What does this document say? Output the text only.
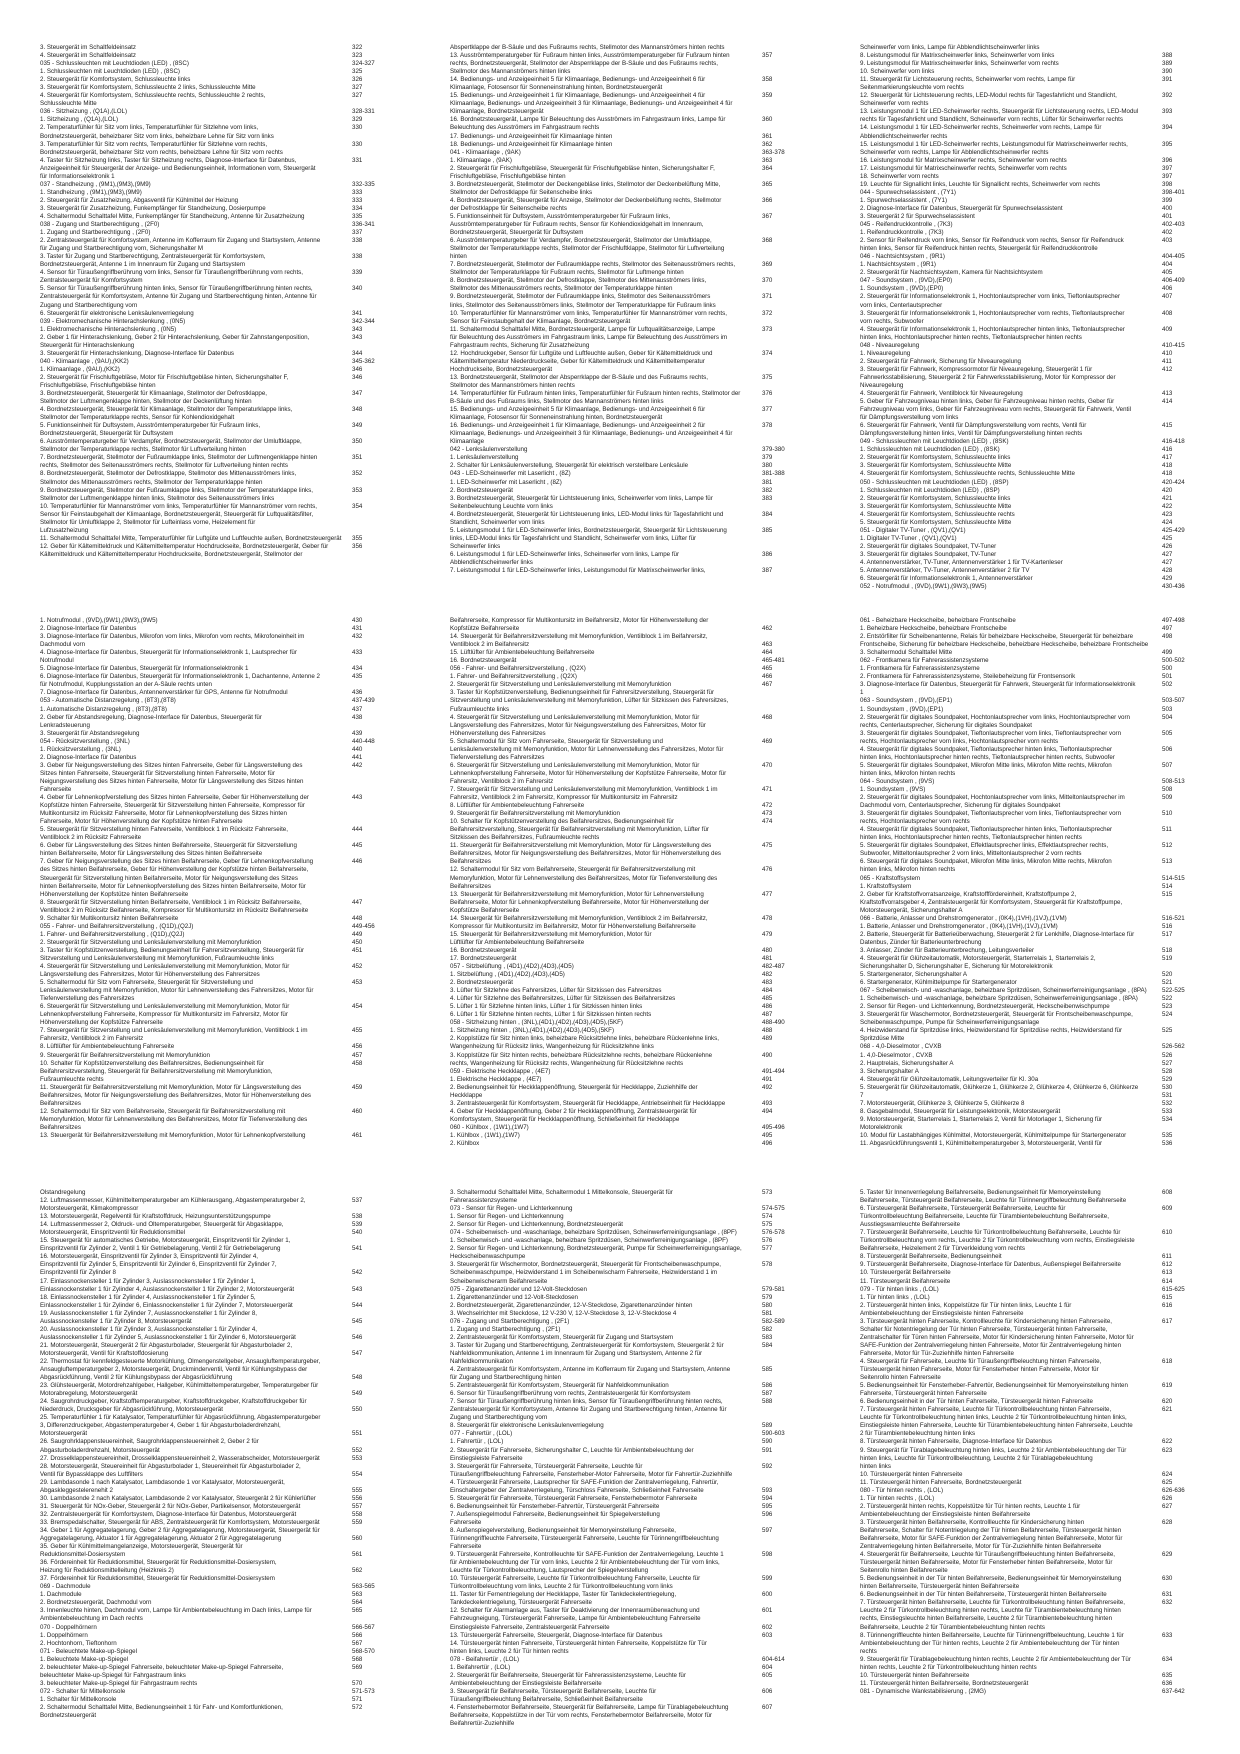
3. Steuergerät im Schaltfeldeinsatz	322
4. Steuergerät im Schaltfeldeinsatz	323
035 - Schlussleuchten mit Leuchtdioden (LED) , (8SC)	324-327
1. Schlussleuchten mit Leuchtdioden (LED) , (8SC)	325
2. Steuergerät für Komfortsystem, Schlussleuchte links	326
3. Steuergerät für Komfortsystem, Schlussleuchte 2 links, Schlussleuchte Mitte	327
4. Steuergerät für Komfortsystem, Schlussleuchte rechts, Schlussleuchte 2 rechts,	327
Schlussleuchte Mitte
036 - Sitzheizung , (Q1A),(LOL)	328-331
1. Sitzheizung , (Q1A),(LOL)	329
2. Temperaturfühler für Sitz vorn links, Temperaturfühler für Sitzlehne vorn links,	330
Bordnetzsteuergerät, beheizbarer Sitz vorn links, beheizbare Lehne für Sitz vorn links
3. Temperaturfühler für Sitz vorn rechts, Temperaturfühler für Sitzlehne vorn rechts,	330
Bordnetzsteuergerät, beheizbarer Sitz vorn rechts, beheizbare Lehne für Sitz vorn rechts
4. Taster für Sitzheizung links, Taster für Sitzheizung rechts, Diagnose-Interface für Datenbus,	331
Anzeigeeinheit für Steuergerät der Anzeige- und Bedienungseinheit, Informationen vorn, Steuergerät
für Informationselektronik 1
037 - Standheizung , (9M1),(9M3),(9M9)	332-335
1. Standheizung , (9M1),(9M3),(9M9)	333
2. Steuergerät für Zusatzheizung, Abgasventil für Kühlmittel der Heizung	333
3. Steuergerät für Zusatzheizung, Funkempfänger für Standheizung, Dosierpumpe	334
4. Schaltermodul Schalttafel Mitte, Funkempfänger für Standheizung, Antenne für Zusatzheizung	335
038 - Zugang und Startberechtigung , (2F0)	336-341
1. Zugang und Startberechtigung , (2F0)	337
2. Zentralsteuergerät für Komfortsystem, Antenne im Kofferraum für Zugang und Startsystem, Antenne	338
für Zugang und Startberechtigung vorn, Sicherungshalter M
3. Taster für Zugang und Startberechtigung, Zentralsteuergerät für Komfortsystem,	338
Bordnetzsteuergerät, Antenne 1 im Innenraum für Zugang und Startsystem
4. Sensor für Türaußengriffberührung vorn links, Sensor für Türaußengriffberührung vorn rechts,	339
Zentralsteuergerät für Komfortsystem
5. Sensor für Türaußengriffberührung hinten links, Sensor für Türaußengriffberührung hinten rechts,	340
Zentralsteuergerät für Komfortsystem, Antenne für Zugang und Startberechtigung hinten, Antenne für
Zugang und Startberechtigung vorn
6. Steuergerät für elektronische Lenksäulenverriegelung	341
039 - Elektromechanische Hinterachslenkung , (0N5)	342-344
1. Elektromechanische Hinterachslenkung , (0N5)	343
2. Geber 1 für Hinterachslenkung, Geber 2 für Hinterachslenkung, Geber für Zahnstangenposition,	343
Steuergerät für Hinterachslenkung
3. Steuergerät für Hinterachslenkung, Diagnose-Interface für Datenbus	344
040 - Klimaanlage , (9AU),(KK2)	345-362
1. Klimaanlage , (9AU),(KK2)	346
2. Steuergerät für Frischluftgebläse, Motor für Frischluftgebläse hinten, Sicherungshalter F,	346
Frischluftgebläse, Frischluftgebläse hinten
3. Bordnetzsteuergerät, Steuergerät für Klimaanlage, Stellmotor der Defrostklappe,	347
Stellmotor der Luftmengenklappe hinten, Stellmotor der Deckenlüftung hinten
4. Bordnetzsteuergerät, Steuergerät für Klimaanlage, Stellmotor der Temperaturklappe links,	348
Stellmotor der Temperaturklappe rechts, Sensor für Kohlendioxidgehalt
5. Funktionseinheit für Duftsystem, Ausströmtemperaturgeber für Fußraum links,	349
Bordnetzsteuergerät, Steuergerät für Duftsystem
6. Ausströmtemperaturgeber für Verdampfer, Bordnetzsteuergerät, Stellmotor der Umluftklappe,	350
Stellmotor der Temperaturklappe rechts, Stellmotor für Luftverteilung hinten
7. Bordnetzsteuergerät, Stellmotor der Fußraumklappe links, Stellmotor der Luftmengenklappe hinten	351
rechts, Stellmotor des Seitenausströmers rechts, Stellmotor für Luftverteilung hinten rechts
8. Bordnetzsteuergerät, Stellmotor der Defrostklappe, Stellmotor des Mittenausströmers links,	352
Stellmotor des Mittenausströmers rechts, Stellmotor der Temperaturklappe hinten
9. Bordnetzsteuergerät, Stellmotor der Fußraumklappe links, Stellmotor der Temperaturklappe links,	353
Stellmotor der Luftmengenklappe hinten links, Stellmotor des Seitenausströmers links
10. Temperaturfühler für Mannanströmer vorn links, Temperaturfühler für Mannanströmer vorn rechts,	354
Sensor für Feinstaubgehalt der Klimaanlage, Bordnetzsteuergerät, Steuergerät für Luftqualitätsfilter,
Stellmotor für Umluftklappe 2, Stellmotor für Lufteinlass vorne, Heizelement für
Lufzusatzheizung
11. Schaltermodul Schalttafel Mitte, Temperaturfühler für Luftgüte und Luftfeuchte außen, Bordnetzsteuergerät	355
12. Geber für Kältemitteldruck und Kältemitteltemperatur Hochdruckseite, Bordnetzsteuergerät, Geber für	356
Kältemitteldruck und Kältemitteltemperatur Hochdruckseite, Bordnetzsteuergerät, Stellmotor der
Abspertklappe der B-Säule und des Fußraums rechts, Stellmotor des Mannanströmers hinten rechts
13. Ausströmtemperaturgeber für Fußraum hinten links, Ausströmtemperaturgeber für Fußraum hinten	357
rechts, Bordnetzsteuergerät, Stellmotor der Absperrklappe der B-Säule und des Fußraums rechts,
Stellmotor des Mannanströmers hinten links
14. Bedienungs- und Anzeigeeinheit 5 für Klimaanlage, Bedienungs- und Anzeigeeinheit 6 für	358
Klimaanlage, Fotosensor für Sonneneinstrahlung hinten, Bordnetzsteuergerät
15. Bedienungs- und Anzeigeeinheit 1 für Klimaanlage, Bedienungs- und Anzeigeeinheit 4 für	359
Klimaanlage, Bedienungs- und Anzeigeeinheit 3 für Klimaanlage, Bedienungs- und Anzeigeeinheit 4 für
Klimaanlage, Bordnetzsteuergerät
16. Bordnetzsteuergerät, Lampe für Beleuchtung des Ausströmers im Fahrgastraum links, Lampe für	360
Beleuchtung des Ausströmers im Fahrgastraum rechts
17. Bedienungs- und Anzeigeeinheit für Klimaanlage hinten	361
18. Bedienungs- und Anzeigeeinheit für Klimaanlage hinten	362
041 - Klimaanlage , (9AK)	363-378
1. Klimaanlage , (9AK)	363
2. Steuergerät für Frischluftgebläse, Steuergerät für Frischluftgebläse hinten, Sicherungshalter F,	364
Frischluftgebläse, Frischluftgebläse hinten
3. Bordnetzsteuergerät, Stellmotor der Deckengebläse links, Stellmotor der Deckenbelüftung Mitte,	365
Stellmotor der Defrostklappe für Seitenscheibe links
4. Bordnetzsteuergerät, Steuergerät für Anzeige, Stellmotor der Deckenbelüftung rechts, Stellmotor	366
der Defrostklappe für Seitenscheibe rechts
5. Funktionseinheit für Duftsystem, Ausströmtemperaturgeber für Fußraum links,	367
Ausströmtemperaturgeber für Fußraum rechts, Sensor für Kohlendioxidgehalt im Innenraum,
Bordnetzsteuergerät, Steuergerät für Duftsystem
6. Ausströmtemperaturgeber für Verdampfer, Bordnetzsteuergerät, Stellmotor der Umluftklappe,	368
Stellmotor der Temperaturklappe rechts, Stellmotor der Frischluftklappe, Stellmotor für Luftverteilung
hinten
7. Bordnetzsteuergerät, Stellmotor der Fußraumklappe rechts, Stellmotor des Seitenausströmers rechts,	369
Stellmotor der Temperaturklappe für Fußraum rechts, Stellmotor für Luftmenge hinten
8. Bordnetzsteuergerät, Stellmotor der Defrostklappe, Stellmotor des Mittenausströmers links,	370
Stellmotor des Mittenausströmers rechts, Stellmotor der Temperaturklappe hinten
9. Bordnetzsteuergerät, Stellmotor der Fußraumklappe links, Stellmotor des Seitenausströmers	371
links, Stellmotor des Seitenausströmers links, Stellmotor der Temperaturklappe für Fußraum links
10. Temperaturfühler für Mannanströmer vorn links, Temperaturfühler für Mannanströmer vorn rechts,	372
Sensor für Feinstaubgehalt der Klimaanlage, Bordnetzsteuergerät
11. Schaltermodul Schalttafel Mitte, Bordnetzsteuergerät, Lampe für Luftqualitätsanzeige, Lampe	373
für Beleuchtung des Ausströmers im Fahrgastraum links, Lampe für Beleuchtung des Ausströmers im
Fahrgastraum rechts, Sicherung für Zusatzheizung
12. Hochdruckgeber, Sensor für Luftgüte und Luftfeuchte außen, Geber für Kältemitteldruck und	374
Kältemitteltemperatur Niederdruckseite, Geber für Kältemitteldruck und Kältemitteltemperatur
Hochdruckseite, Bordnetzsteuergerät
13. Bordnetzsteuergerät, Stellmotor der Absperrklappe der B-Säule und des Fußraums rechts,	375
Stellmotor des Mannanströmers hinten rechts
14. Temperaturfühler für Fußraum hinten links, Temperaturfühler für Fußraum hinten rechts, Stellmotor der	376
B-Säule und des Fußraums links, Stellmotor des Mannanströmers hinten links
15. Bedienungs- und Anzeigeeinheit 5 für Klimaanlage, Bedienungs- und Anzeigeeinheit 6 für	377
Klimaanlage, Fotosensor für Sonneneinstrahlung hinten, Bordnetzsteuergerät
16. Bedienungs- und Anzeigeeinheit 1 für Klimaanlage, Bedienungs- und Anzeigeeinheit 2 für	378
Klimaanlage, Bedienungs- und Anzeigeeinheit 3 für Klimaanlage, Bedienungs- und Anzeigeeinheit 4 für
Klimaanlage
042 - Lenksäulenverstellung	379-380
1. Lenksäulenverstellung	379
2. Schalter für Lenksäulenverstellung, Steuergerät für elektrisch verstellbare Lenksäule	380
043 - LED-Scheinwerfer mit Laserlicht , (8Z)	381-388
1. LED-Scheinwerfer mit Laserlicht , (8Z)	381
2. Bordnetzsteuergerät	382
3. Bordnetzsteuergerät, Steuergerät für Lichtsteuerung links, Scheinwerfer vorn links, Lampe für	383
Seitenbeleuchtung Leuchte vorn links
4. Bordnetzsteuergerät, Steuergerät für Lichtsteuerung links, LED-Modul links für Tagesfahrlicht und	384
Standlicht, Scheinwerfer vorn links
5. Leistungsmodul 1 für LED-Scheinwerfer links, Bordnetzsteuergerät, Steuergerät für Lichtsteuerung	385
links, LED-Modul links für Tagesfahrlicht und Standlicht, Scheinwerfer vorn links, Lüfter für
Scheinwerfer links
6. Leistungsmodul 1 für LED-Scheinwerfer links, Scheinwerfer vorn links, Lampe für	386
Abblendlichtscheinwerfer links
7. Leistungsmodul 1 für LED-Scheinwerfer links, Leistungsmodul für Matrixscheinwerfer links,	387
Scheinwerfer vorn links, Lampe für Abblendlichtscheinwerfer links
8. Leistungsmodul für Matrixscheinwerfer links, Scheinwerfer vorn links	388
9. Leistungsmodul für Matrixscheinwerfer links, Scheinwerfer vorn rechts	389
10. Scheinwerfer vorn links	390
11. Steuergerät für Lichtsteuerung rechts, Scheinwerfer vorn rechts, Lampe für	391
Seitenmarkierungsleuchte vorn rechts
12. Steuergerät für Lichtsteuerung rechts, LED-Modul rechts für Tagesfahrlicht und Standlicht,	392
Scheinwerfer vorn rechts
13. Leistungsmodul 1 für LED-Scheinwerfer rechts, Steuergerät für Lichtsteuerung rechts, LED-Modul	393
rechts für Tagesfahrlicht und Standlicht, Scheinwerfer vorn rechts, Lüfter für Scheinwerfer rechts
14. Leistungsmodul 1 für LED-Scheinwerfer rechts, Scheinwerfer vorn rechts, Lampe für	394
Abblendlichtscheinwerfer rechts
15. Leistungsmodul 1 für LED-Scheinwerfer rechts, Leistungsmodul für Matrixscheinwerfer rechts,	395
Scheinwerfer vorn rechts, Lampe für Abblendlichtscheinwerfer rechts
16. Leistungsmodul für Matrixscheinwerfer rechts, Scheinwerfer vorn rechts	396
17. Leistungsmodul für Matrixscheinwerfer rechts, Scheinwerfer vorn rechts	397
18. Scheinwerfer vorn rechts	397
19. Leuchte für Signallicht links, Leuchte für Signallicht rechts, Scheinwerfer vorn rechts	398
044 - Spurwechselassistent , (7Y1)	398-401
1. Spurwechselassistent , (7Y1)	399
2. Diagnose-Interface für Datenbus, Steuergerät für Spurwechselassistent	400
3. Steuergerät 2 für Spurwechselassistent	401
045 - Reifendruckkontrolle , (7K3)	402-403
1. Reifendruckkontrolle , (7K3)	402
2. Sensor für Reifendruck vorn links, Sensor für Reifendruck vorn rechts, Sensor für Reifendruck	403
hinten links, Sensor für Reifendruck hinten rechts, Steuergerät für Reifendruckkontrolle
046 - Nachtsichtsystem , (9R1)	404-405
1. Nachtsichtsystem , (9R1)	404
2. Steuergerät für Nachtsichtsystem, Kamera für Nachtsichtsystem	405
047 - Soundsystem , (9VD),(EP0)	406-409
1. Soundsystem , (9VD),(EP0)	406
2. Steuergerät für Informationselektronik 1, Hochtonlautsprecher vorn links, Tieftonlautsprecher	407
vorn links, Centerlautsprecher
3. Steuergerät für Informationselektronik 1, Hochtonlautsprecher vorn rechts, Tieftonlautsprecher	408
vorn rechts, Subwoofer
4. Steuergerät für Informationselektronik 1, Hochtonlautsprecher hinten links, Tieftonlautsprecher	409
hinten links, Hochtonlautsprecher hinten rechts, Tieftonlautsprecher hinten rechts
048 - Niveauregelung	410-415
1. Niveauregelung	410
2. Steuergerät für Fahrwerk, Sicherung für Niveauregelung	411
3. Steuergerät für Fahrwerk, Kompressormotor für Niveauregelung, Steuergerät 1 für	412
Fahrwerksstabilisierung, Steuergerät 2 für Fahrwerksstabilisierung, Motor für Kompressor der
Niveauregelung
4. Steuergerät für Fahrwerk, Ventilblock für Niveauregelung	413
5. Geber für Fahrzeugniveau hinten links, Geber für Fahrzeugniveau hinten rechts, Geber für	414
Fahrzeugniveau vorn links, Geber für Fahrzeugniveau vorn rechts, Steuergerät für Fahrwerk, Ventil
für Dämpfungsverstellung vorn links
6. Steuergerät für Fahrwerk, Ventil für Dämpfungsverstellung vorn rechts, Ventil für	415
Dämpfungsverstellung hinten links, Ventil für Dämpfungsverstellung hinten rechts
049 - Schlussleuchten mit Leuchtdioden (LED) , (8SK)	416-418
1. Schlussleuchten mit Leuchtdioden (LED) , (8SK)	416
2. Steuergerät für Komfortsystem, Schlussleuchte links	417
3. Steuergerät für Komfortsystem, Schlussleuchte Mitte	418
4. Steuergerät für Komfortsystem, Schlussleuchte rechts, Schlussleuchte Mitte	418
050 - Schlussleuchten mit Leuchtdioden (LED) , (8SP)	420-424
1. Schlussleuchten mit Leuchtdioden (LED) , (8SP)	420
2. Steuergerät für Komfortsystem, Schlussleuchte links	421
3. Steuergerät für Komfortsystem, Schlussleuchte Mitte	422
4. Steuergerät für Komfortsystem, Schlussleuchte rechts	423
5. Steuergerät für Komfortsystem, Schlussleuchte Mitte	424
051 - Digitaler TV-Tuner , (QV1),(QV1)	425-429
1. Digitaler TV-Tuner , (QV1),(QV1)	425
2. Steuergerät für digitales Soundpaket, TV-Tuner	426
3. Steuergerät für digitales Soundpaket, TV-Tuner	427
4. Antennenverstärker, TV-Tuner, Antennenverstärker 1 für TV-Kartenleser	427
5. Antennenverstärker, TV-Tuner, Antennenverstärker 2 für TV	428
6. Steuergerät für Informationselektronik 1, Antennenverstärker	429
052 - Notrufmodul , (9VD),(9W1),(9W3),(9W5)	430-436
1. Notrufmodul , (9VD),(9W1),(9W3),(9W5)	430
2. Diagnose-Interface für Datenbus	431
3. Diagnose-Interface für Datenbus, Mikrofon vorn links, Mikrofon vorn rechts, Mikrofoneinheit im	432
Dachmodul vorn
4. Diagnose-Interface für Datenbus, Steuergerät für Informationselektronik 1, Lautsprecher für	433
Notrufmodul
5. Diagnose-Interface für Datenbus, Steuergerät für Informationselektronik 1	434
6. Diagnose-Interface für Datenbus, Steuergerät für Informationselektronik 1, Dachantenne, Antenne 2	435
für Notrufmodul, Kupplungsstation an der A-Säule rechts unten
7. Diagnose-Interface für Datenbus, Antennenverstärker für GPS, Antenne für Notrufmodul	436
053 - Automatische Distanzregelung , (8T3),(8T8)	437-439
1. Automatische Distanzregelung , (8T3),(8T8)	437
2. Geber für Abstandsregelung, Diagnose-Interface für Datenbus, Steuergerät für	438
Lenkradsteuerung
3. Steuergerät für Abstandsregelung	439
054 - Rücksitzverstellung , (3NL)	440-448
1. Rücksitzverstellung , (3NL)	440
2. Diagnose-Interface für Datenbus	441
3. Geber für Neigungsverstellung des Sitzes hinten Fahrerseite, Geber für Längsverstellung des	442
Sitzes hinten Fahrerseite, Steuergerät für Sitzverstellung hinten Fahrerseite, Motor für
Neigungsverstellung des Sitzes hinten Fahrerseite, Motor für Längsverstellung des Sitzes hinten
Fahrerseite
4. Geber für Lehnenkopfverstellung des Sitzes hinten Fahrerseite, Geber für Höhenverstellung der	443
Kopfstütze hinten Fahrerseite, Steuergerät für Sitzverstellung hinten Fahrerseite, Kompressor für
Multikontursitz im Rücksitz Fahrerseite, Motor für Lehnenkopfverstellung des Sitzes hinten
Fahrerseite, Motor für Höhenverstellung der Kopfstütze hinten Fahrerseite
5. Steuergerät für Sitzverstellung hinten Fahrerseite, Ventilblock 1 im Rücksitz Fahrerseite,	444
Ventilblock 2 im Rücksitz Fahrerseite
6. Geber für Längsverstellung des Sitzes hinten Beifahrerseite, Steuergerät für Sitzverstellung	445
hinten Beifahrerseite, Motor für Längsverstellung des Sitzes hinten Beifahrerseite
7. Geber für Neigungsverstellung des Sitzes hinten Beifahrerseite, Geber für Lehnenkopfverstellung	446
des Sitzes hinten Beifahrerseite, Geber für Höhenverstellung der Kopfstütze hinten Beifahrerseite,
Steuergerät für Sitzverstellung hinten Beifahrerseite, Motor für Neigungsverstellung des Sitzes
hinten Beifahrerseite, Motor für Lehnenkopfverstellung des Sitzes hinten Beifahrerseite, Motor für
Höhenverstellung der Kopfstütze hinten Beifahrerseite
8. Steuergerät für Sitzverstellung hinten Beifahrerseite, Ventilblock 1 im Rücksitz Beifahrerseite,	447
Ventilblock 2 im Rücksitz Beifahrerseite, Kompressor für Multikontursitz im Rücksitz Beifahrerseite
9. Schalter für Multikontursitz hinten Beifahrerseite	448
055 - Fahrer- und Beifahrersitzverstellung , (Q1D),(Q2J)	449-456
1. Fahrer- und Beifahrersitzverstellung , (Q1D),(Q2J)	449
2. Steuergerät für Sitzverstellung und Lenksäulenverstellung mit Memoryfunktion	450
3. Taster für Kopfstützenverstellung, Bedienungseinheit für Fahrersitzverstellung, Steuergerät für	451
Sitzverstellung und Lenksäulenverstellung mit Memoryfunktion, Fußraumleuchte links
4. Steuergerät für Sitzverstellung und Lenksäulenverstellung mit Memoryfunktion, Motor für	452
Längsverstellung des Fahrersitzes, Motor für Höhenverstellung des Fahrersitzes
5. Schaltermodul für Sitz vorn Fahrerseite, Steuergerät für Sitzverstellung und	453
Lenksäulenverstellung mit Memoryfunktion, Motor für Lehnenverstellung des Fahrersitzes, Motor für
Tiefenverstellung des Fahrersitzes
6. Steuergerät für Sitzverstellung und Lenksäulenverstellung mit Memoryfunktion, Motor für	454
Lehnenkopfverstellung Fahrerseite, Kompressor für Multikontursitz im Fahrersitz, Motor für
Höhenverstellung der Kopfstütze Fahrerseite
7. Steuergerät für Sitzverstellung und Lenksäulenverstellung mit Memoryfunktion, Ventilblock 1 im	455
Fahrersitz, Ventilblock 2 im Fahrersitz
8. Lüftlüfter für Ambientebeleuchtung Fahrerseite	456
9. Steuergerät für Beifahrersitzverstellung mit Memoryfunktion	457
10. Schalter für Kopfstützenverstellung des Beifahrersitzes, Bedienungseinheit für	458
Beifahrersitzverstellung, Steuergerät für Beifahrersitzverstellung mit Memoryfunktion,
Fußraumleuchte rechts
11. Steuergerät für Beifahrersitzverstellung mit Memoryfunktion, Motor für Längsverstellung des	459
Beifahrersitzes, Motor für Neigungsverstellung des Beifahrersitzes, Motor für Höhenverstellung des
Beifahrersitzes
12. Schaltermodul für Sitz vorn Beifahrerseite, Steuergerät für Beifahrersitzverstellung mit	460
Memoryfunktion, Motor für Lehnenverstellung des Beifahrersitzes, Motor für Tiefenverstellung des
Beifahrersitzes
13. Steuergerät für Beifahrersitzverstellung mit Memoryfunktion, Motor für Lehnenkopfverstellung	461
Beifahrerseite, Kompressor für Multikontursitz im Beifahrersitz, Motor für Höhenverstellung der
Kopfstütze Beifahrerseite	462
14. Steuergerät für Beifahrersitzverstellung mit Memoryfunktion, Ventilblock 1 im Beifahrersitz,
Ventilblock 2 im Beifahrersitz	463
15. Lüftlüfter für Ambientebeleuchtung Beifahrerseite	464
16. Bordnetzsteuergerät	465-481
056 - Fahrer- und Beifahrersitzverstellung , (Q2X)	465
1. Fahrer- und Beifahrersitzverstellung , (Q2X)	466
2. Steuergerät für Sitzverstellung und Lenksäulenverstellung mit Memoryfunktion	467
3. Taster für Kopfstützenverstellung, Bedienungseinheit für Fahrersitzverstellung, Steuergerät für
Sitzverstellung und Lenksäulenverstellung mit Memoryfunktion, Lüfter für Sitzkissen des Fahrersitzes,
Fußraumleuchte links
4. Steuergerät für Sitzverstellung und Lenksäulenverstellung mit Memoryfunktion, Motor für	468
Längsverstellung des Fahrersitzes, Motor für Neigungsverstellung des Fahrersitzes, Motor für
Höhenverstellung des Fahrersitzes
5. Schaltermodul für Sitz vorn Fahrerseite, Steuergerät für Sitzverstellung und	469
Lenksäulenverstellung mit Memoryfunktion, Motor für Lehnenverstellung des Fahrersitzes, Motor für
Tiefenverstellung des Fahrersitzes
6. Steuergerät für Sitzverstellung und Lenksäulenverstellung mit Memoryfunktion, Motor für	470
Lehnenkopfverstellung Fahrerseite, Motor für Höhenverstellung der Kopfstütze Fahrerseite, Motor für
Fahrersitz, Ventilblock 2 im Fahrersitz
7. Steuergerät für Sitzverstellung und Lenksäulenverstellung mit Memoryfunktion, Ventilblock 1 im	471
Fahrersitz, Ventilblock 2 im Fahrersitz, Kompressor für Multikontursitz im Fahrersitz
8. Lüftlüfter für Ambientebeleuchtung Fahrerseite	472
9. Steuergerät für Beifahrersitzverstellung mit Memoryfunktion	473
10. Schalter für Kopfstützenverstellung des Beifahrersitzes, Bedienungseinheit für	474
Beifahrersitzverstellung, Steuergerät für Beifahrersitzverstellung mit Memoryfunktion, Lüfter für
Sitzkissen des Beifahrersitzes, Fußraumleuchte rechts
11. Steuergerät für Beifahrersitzverstellung mit Memoryfunktion, Motor für Längsverstellung des	475
Beifahrersitzes, Motor für Neigungsverstellung des Beifahrersitzes, Motor für Höhenverstellung des
Beifahrersitzes
12. Schaltermodul für Sitz vorn Beifahrerseite, Steuergerät für Beifahrersitzverstellung mit	476
Memoryfunktion, Motor für Lehnenverstellung des Beifahrersitzes, Motor für Tiefenverstellung des
Beifahrersitzes
13. Steuergerät für Beifahrersitzverstellung mit Memoryfunktion, Motor für Lehnenverstellung	477
Beifahrerseite, Motor für Lehnenkopfverstellung Beifahrerseite, Motor für Höhenverstellung der
Kopfstütze Beifahrerseite
14. Steuergerät für Beifahrersitzverstellung mit Memoryfunktion, Ventilblock 2 im Beifahrersitz,	478
Kompressor für Multikontursitz im Beifahrersitz, Motor für Höhenverstellung Beifahrerseite
15. Steuergerät für Beifahrersitzverstellung mit Memoryfunktion, Motor für	479
Lüftlüfter für Ambientebeleuchtung Beifahrerseite
16. Bordnetzsteuergerät	480
17. Bordnetzsteuergerät	481
057 - Sitzbelüftung , (4D1),(4D2),(4D3),(4D5)	482-487
1. Sitzbelüftung , (4D1),(4D2),(4D3),(4D5)	482
2. Bordnetzsteuergerät	483
3. Lüfter für Sitzlehne des Fahrersitzes, Lüfter für Sitzkissen des Fahrersitzes	484
4. Lüfter für Sitzlehne des Beifahrersitzes, Lüfter für Sitzkissen des Beifahrersitzes	485
5. Lüfter 1 für Sitzlehne hinten links, Lüfter 1 für Sitzkissen hinten links	486
6. Lüfter 1 für Sitzlehne hinten rechts, Lüfter 1 für Sitzkissen hinten rechts	487
058 - Sitzheizung hinten , (3NL),(4D1),(4D2),(4D3),(4D5),(5KF)	488-490
1. Sitzheizung hinten , (3NL),(4D1),(4D2),(4D3),(4D5),(5KF)	488
2. Kopplstütze für Sitz hinten links, beheizbare Rücksitzlehne links, beheizbare Rückenlehne links,	489
Wangenheizung für Rücksitz links, Wangenheizung für Rücksitzlehne links
3. Kopplstütze für Sitz hinten rechts, beheizbare Rücksitzlehne rechts, beheizbare Rückenlehne	490
rechts, Wangenheizung für Rücksitz rechts, Wangenheizung für Rücksitzlehne rechts
059 - Elektrische Heckklappe , (4E7)	491-494
1. Elektrische Heckklappe , (4E7)	491
2. Bedienungseinheit für Heckklappenöffnung, Steuergerät für Heckklappe, Zuziehhilfe der	492
Heckklappe
3. Zentralsteuergerät für Komfortsystem, Steuergerät für Heckklappe, Antriebseinheit für Heckklappe	493
4. Geber für Heckklappenöffnung, Geber 2 für Heckklappenöffnung, Zentralsteuergerät für	494
Komfortsystem, Steuergerät für Heckklappenöffnung, Schließeinheit für Heckklappe
060 - Kühlbox , (1W1),(1W7)	495-496
1. Kühlbox , (1W1),(1W7)	495
2. Kühlbox	496
061 - Beheizbare Heckscheibe, beheizbare Frontscheibe	497-498
1. Beheizbare Heckscheibe, beheizbare Frontscheibe	497
2. Entstörfilter für Scheibenantenne, Relais für beheizbare Heckscheibe, Steuergerät für beheizbare	498
Frontscheibe, Sicherung für beheizbare Heckscheibe, beheizbare Heckscheibe, beheizbare Frontscheibe
3. Schaltermodul Schalttafel Mitte	499
062 - Frontkamera für Fahrerassistenzsysteme	500-502
1. Frontkamera für Fahrerassistenzsysteme	500
2. Frontkamera für Fahrerassistenzsysteme, Steilebeheizung für Frontsensorik	501
3. Diagnose-Interface für Datenbus, Steuergerät für Fahrwerk, Steuergerät für Informationselektronik	502
1
063 - Soundsystem , (9VD),(EP1)	503-507
1. Soundsystem , (9VD),(EP1)	503
2. Steuergerät für digitales Soundpaket, Hochtonlautsprecher vorn links, Hochtonlautsprecher vorn	504
rechts, Centerlautsprecher, Sicherung für digitales Soundpaket
3. Steuergerät für digitales Soundpaket, Tieftonlautsprecher vorn links, Tieftonlautsprecher vorn	505
rechts, Hochtonlautsprecher vorn links, Hochtonlautsprecher vorn rechts
4. Steuergerät für digitales Soundpaket, Tieftonlautsprecher hinten links, Tieftonlautsprecher	506
hinten links, Hochtonlautsprecher hinten rechts, Tieftonlautsprecher hinten rechts, Subwoofer
5. Steuergerät für digitales Soundpaket, Mikrofon Mitte links, Mikrofon Mitte rechts, Mikrofon	507
hinten links, Mikrofon hinten rechts
064 - Soundsystem , (9VS)	508-513
1. Soundsystem , (9VS)	508
2. Steuergerät für digitales Soundpaket, Hochtonlautsprecher vorn links, Mitteltonlautsprecher im	509
Dachmodul vorn, Centerlautsprecher, Sicherung für digitales Soundpaket
3. Steuergerät für digitales Soundpaket, Tieftonlautsprecher vorn links, Tieftonlautsprecher vorn	510
rechts, Hochtonlautsprecher vorn rechts
4. Steuergerät für digitales Soundpaket, Tieftonlautsprecher hinten links, Tieftonlautsprecher	511
hinten links, Hochtonlautsprecher hinten rechts, Tieftonlautsprecher hinten rechts
5. Steuergerät für digitales Soundpaket, Effektlautsprecher links, Effektlautsprecher rechts,	512
Subwoofer, Mitteltonlautsprecher 2 vorn links, Mitteltonlautsprecher 2 vorn rechts
6. Steuergerät für digitales Soundpaket, Mikrofon Mitte links, Mikrofon Mitte rechts, Mikrofon	513
hinten links, Mikrofon hinten rechts
065 - Kraftstoffsystem	514-515
1. Kraftstoffsystem	514
2. Geber für Kraftstoffvorratsanzeige, Kraftstofffördereinheit, Kraftstoffpumpe 2,	515
Kraftstoffvorratsgeber 4, Zentralsteuergerät für Komfortsystem, Steuergerät für Kraftstoffpumpe,
Motorsteuergerät, Sicherungshalter A
066 - Batterie, Anlasser und Drehstromgenerator , (0K4),(1VH),(1VJ),(1VM)	516-521
1. Batterie, Anlasser und Drehstromgenerator , (0K4),(1VH),(1VJ),(1VM)	516
2. Batterie, Steuergerät für Batterieüberwachung, Steuergerät 2 für Lenkhilfe, Diagnose-Interface für	517
Datenbus, Zünder für Batterieunterbrechung
3. Anlasser, Zünder für Batterieunterbrechung, Leitungsverteiler	518
4. Steuergerät für Glühzeitautomatik, Motorsteuergerät, Starterrelais 1, Starterrelais 2,	519
Sicherungshalter D, Sicherungshalter E, Sicherung für Motorelektronik
5. Startergenerator, Sicherungshalter A	520
6. Startergenerator, Kühlmittelpumpe für Startergenerator	521
067 - Scheibenwisch- und -waschanlage, beheizbare Spritzdüsen, Scheinwerferreinigungsanlage , (8PA)	522-525
1. Scheibenwisch- und -waschanlage, beheizbare Spritzdüsen, Scheinwerferreinigungsanlage , (8PA)	522
2. Sensor für Regen- und Lichterkennung, Bordnetzsteuergerät, Heckscheibenwischpumpe	523
3. Steuergerät für Waschermotor, Bordnetzsteuergerät, Steuergerät für Frontscheibenwaschpumpe,	524
Scheibenwaschpumpe, Pumpe für Scheinwerferreinigungsanlage
4. Heizwiderstand für Spritzdüse links, Heizwiderstand für Spritzdüse rechts, Heizwiderstand für	525
Spritzdüse Mitte
068 - 4,0-Dieselmotor , CVXB	526-562
1. 4,0-Dieselmotor , CVXB	526
2. Hauptrelais, Sicherungshalter A	527
3. Sicherungshalter A	528
4. Steuergerät für Glühzeitautomatik, Leitungsverteiler für Kl. 30a	529
5. Steuergerät für Glühzeitautomatik, Glühkerze 1, Glühkerze 2, Glühkerze 4, Glühkerze 6, Glühkerze	530
7	531
7. Motorsteuergerät, Glühkerze 3, Glühkerze 5, Glühkerze 8	532
8. Gasgebalmodul, Steuergerät für Leistungselektronik, Motorsteuergerät	533
9. Motorsteuergerät, Starterrelais 1, Starterrelais 2, Ventil für Motorlager 1, Sicherung für	534
Motorelektronik
10. Modul für Lastabhängiges Kühlmittel, Motorsteuergerät, Kühlmittelpumpe für Startergenerator	535
11. Abgasrückführungsventil 1, Kühlmitteltemperaturgeber 3, Motorsteuergerät, Ventil für	536
Ölstandregelung
12. Luftmassenmesser, Kühlmitteltemperaturgeber am Kühlerausgang, Abgastemperaturgeber 2,	537
Motorsteuergerät, Klimakompressor
13. Motorsteuergerät, Regelventil für Kraftstoffdruck, Heizungsunterstützungspumpe	538
14. Luftmassenmesser 2, Öldruck- und Öltemperaturgeber, Steuergerät für Abgasklappe,	539
Motorsteuergerät, Einspritzventil für Reduktionsmittel	540
15. Steuergerät für automatisches Getriebe, Motorsteuergerät, Einspritzventil für Zylinder 1,
Einspritzventil für Zylinder 2, Ventil 1 für Getriebelagerung, Ventil 2 für Getriebelagerung	541
16. Motorsteuergerät, Einspritzventil für Zylinder 3, Einspritzventil für Zylinder 4,
Einspritzventil für Zylinder 5, Einspritzventil für Zylinder 6, Einspritzventil für Zylinder 7,
Einspritzventil für Zylinder 8	542
17. Einlassnockensteller 1 für Zylinder 3, Auslassnockensteller 1 für Zylinder 1,
Einlassnockensteller 1 für Zylinder 4, Auslassnockensteller 1 für Zylinder 2, Motorsteuergerät	543
18. Einlassnockensteller 1 für Zylinder 4, Auslassnockensteller 1 für Zylinder 5,
Einlassnockensteller 1 für Zylinder 6, Einlassnockensteller 1 für Zylinder 7, Motorsteuergerät	544
19. Auslassnockensteller 1 für Zylinder 7, Auslassnockensteller 1 für Zylinder 8,
Auslassnockensteller 1 für Zylinder 8, Motorsteuergerät	545
20. Auslassnockensteller 1 für Zylinder 3, Auslassnockensteller 1 für Zylinder 4,
Auslassnockensteller 1 für Zylinder 5, Auslassnockensteller 1 für Zylinder 6, Motorsteuergerät	546
21. Motorsteuergerät, Steuergerät 2 für Abgasturbolader, Steuergerät für Abgasturbolader 2,
Motorsteuergerät, Ventil für Kraftstoffdosierung	547
22. Thermostat für kennfeldgesteuerte Motorkühlung, Ölmengenstellgeber, Ansaugluftemperaturgeber,
Ansaugluftemperaturgeber 2, Motorsteuergerät, Druckminderventil, Ventil für Kühlungsbypass der
Abgasrückführung, Ventil 2 für Kühlungsbypass der Abgasrückführung	548
23. Glühsteuergerät, Motordrehzahlgeber, Hallgeber, Kühlmitteltemperaturgeber, Temperaturgeber für
Motorabregelung, Motorsteuergerät	549
24. Saugrohrdruckgeber, Kraftstofftemperaturgeber, Kraftstoffdruckgeber, Kraftstoffdruckgeber für
Niederdruck, Drucksgeber für Abgasrückführung, Motorsteuergerät	550
25. Temperaturfühler 1 für Katalysator, Temperaturfühler für Abgasrückführung, Abgastemperaturgeber
3, Differenzdruckgeber, Abgastemperaturgeber 4, Geber 1 für Abgasturboladerdrehzahl,
Motorsteuergerät	551
26. Saugrohrklappensteuereinheit, Saugrohrklappensteuereinheit 2, Geber 2 für
Abgasturboladerdrehzahl, Motorsteuergerät	552
27. Drosselklappensteuereinheit, Drosselklappensteuereinheit 2, Wasserabscheider, Motorsteuergerät	553
28. Motorsteuergerät, Steuereinheit für Abgasturbolader 1, Steuereinheit für Abgasturbolader 2,
Ventil für Bypassklappe des Luftfilters	554
29. Lambdasonde 1 nach Katalysator, Lambdasonde 1 vor Katalysator, Motorsteuergerät,
Abgaskleggestelerenehit 2	555
30. Lambdasonde 2 nach Katalysator, Lambdasonde 2 vor Katalysator, Steuergerät 2 für Kühlerlüfter	556
31. Steuergerät für NOx-Geber, Steuergerät 2 für NOx-Geber, Partikelsensor, Motorsteuergerät	557
32. Zentralsteuergerät für Komfortsystem, Diagnose-Interface für Datenbus, Motorsteuergerät	558
33. Bremspedalschalter, Steuergerät für ABS, Zentralsteuergerät für Komfortsystem, Motorsteuergerät	559
34. Geber 1 für Aggregatelagerung, Geber 2 für Aggregatelagerung, Motorsteuergerät, Steuergerät für
Aggregatelagerung, Aktuator 1 für Aggregatelagerung, Aktuator 2 für Aggregatelagerung	560
35. Geber für Kühlmittelmangelanzeige, Motorsteuergerät, Steuergerät für
Reduktionsmittel-Dosiersystem	561
36. Fördereinheit für Reduktionsmittel, Steuergerät für Reduktionsmittel-Dosiersystem,
Heizung für Reduktionsmittelleitung (Heizkreis 2)	562
37. Fördereinheit für Reduktionsmittel, Steuergerät für Reduktionsmittel-Dosiersystem
069 - Dachmodule	563-565
1. Dachmodule	563
2. Bordnetzsteuergerät, Dachmodul vorn	564
3. Innenleuchte hinten, Dachmodul vorn, Lampe für Ambientebeleuchtung im Dach links, Lampe für	565
Ambientebeleuchtung im Dach rechts
070 - Doppelhörnern	566-567
1. Doppelhörnern	566
2. Hochtonhorn, Tieftonhorn	567
071 - Beleuchtete Make-up-Spiegel	568-570
1. Beleuchtete Make-up-Spiegel	568
2. beleuchteter Make-up-Spiegel Fahrerseite, beleuchteter Make-up-Spiegel Fahrerseite,	569
beleuchteter Make-up-Spiegel für Fahrgastraum links
3. beleuchteter Make-up-Spiegel für Fahrgastraum rechts	570
072 - Schalter für Mittelkonsole	571-573
1. Schalter für Mittelkonsole	571
2. Schaltermodul Schalttafel Mitte, Bedienungseinheit 1 für Fahr- und Komfortfunktionen,	572
Bordnetzsteuergerät
3. Schaltermodul Schalttafel Mitte, Schaltermodul 1 Mittelkonsole, Steuergerät für	573
Fahrerassistenzsysteme
073 - Sensor für Regen- und Lichterkennung	574-575
1. Sensor für Regen- und Lichterkennung	574
2. Sensor für Regen- und Lichterkennung, Bordnetzsteuergerät	575
074 - Scheibenwisch- und -waschanlage, beheizbare Spritzdüsen, Scheinwerferreinigungsanlage , (8PF)	576-578
1. Scheibenwisch- und -waschanlage, beheizbare Spritzdüsen, Scheinwerferreinigungsanlage , (8PF)	576
2. Sensor für Regen- und Lichterkennung, Bordnetzsteuergerät, Pumpe für Scheinwerferreinigungsanlage,	577
Heckscheibenwaschpumpe
3. Steuergerät für Wischermotor, Bordnetzsteuergerät, Steuergerät für Frontscheibenwaschpumpe,	578
Scheibenwaschpumpe, Heizwiderstand 1 im Scheibenwischarm Fahrerseite, Heizwiderstand 1 im
Scheibenwischerarm Beifahrerseite
075 - Zigarettenanzünder und 12-Volt-Steckdosen	579-581
1. Zigarettenanzünder und 12-Volt-Steckdosen	579
2. Bordnetzsteuergerät, Zigarettenanzünder, 12-V-Steckdose, Zigarettenanzünder hinten	580
3. Wechselrichter mit Steckdose, 12 V-230 V, 12-V-Steckdose 3, 12-V-Steckdose 4	581
076 - Zugang und Startberechtigung , (2F1)	582-589
1. Zugang und Startberechtigung , (2F1)	582
2. Zentralsteuergerät für Komfortsystem, Steuergerät für Zugang und Startsystem	583
3. Taster für Zugang und Startberechtigung, Zentralsteuergerät für Komfortsystem, Steuergerät 2 für	584
Nahfeldkommunikation, Antenne 1 im Innenraum für Zugang und Startsystem, Antenne 2 für
Nahfeldkommunikation
4. Zentralsteuergerät für Komfortsystem, Antenne im Kofferraum für Zugang und Startsystem, Antenne	585
für Zugang und Startberechtigung hinten
5. Zentralsteuergerät für Komfortsystem, Steuergerät für Nahfeldkommunikation	586
6. Sensor für Türaußengriffberührung vorn rechts, Zentralsteuergerät für Komfortsystem	587
7. Sensor für Türaußengriffberührung hinten links, Sensor für Türaußengriffberührung hinten rechts,	588
Zentralsteuergerät für Komfortsystem, Antenne für Zugang und Startberechtigung hinten, Antenne für
Zugang und Startberechtigung vorn
8. Steuergerät für elektronische Lenksäulenverriegelung	589
077 - Fahrertür , (LOL)	590-603
1. Fahrertür , (LOL)	590
2. Steuergerät für Fahrerseite, Sicherungshalter C, Leuchte für Ambientebeleuchtung der	591
Einstiegsleiste Fahrerseite
3. Steuergerät für Fahrerseite, Türsteuergerät Fahrerseite, Leuchte für	592
Türaußengriffbeleuchtung Fahrerseite, Fensterheber-Motor Fahrerseite, Motor für Fahrertür-Zuziehhilfe
4. Türsteuergerät Fahrerseite, Lautsprecher für SAFE-Funktion der Zentralverriegelung, Fahrertür,
Einschaltergeber der Zentralverriegelung, Türschloss Fahrerseite, Schließeinheit Fahrerseite	593
5. Steuergerät für Fahrerseite, Türsteuergerät Fahrerseite, Fensterhebermotor Fahrerseite	594
6. Bedienungseinheit für Fensterheber-Fahrertür, Türsteuergerät Fahrerseite	595
7. Außenspiegelmodul Fahrerseite, Bedienungseinheit für Spiegelverstellung	596
Fahrerseite
8. Außenspiegelverstellung, Bedienungseinheit für Memoryeinstellung Fahrerseite,	597
Türinnengriffleuchte Fahrerseite, Türsteuergerät Fahrerseite, Leuchte für Türinnengriffbeleuchtung
Fahrerseite
9. Türsteuergerät Fahrerseite, Kontrollleuchte für SAFE-Funktion der Zentralverriegelung, Leuchte 1	598
für Ambientebeleuchtung der Tür vorn links, Leuchte 2 für Ambientebeleuchtung der Tür vorn links,
Leuchte für Türkontrollbeleuchtung, Lautsprecher der Spiegelverstellung
10. Türsteuergerät Fahrerseite, Leuchte für Türkontrollbeleuchtung Fahrerseite, Leuchte für	599
Türkontrollbeleuchtung vorn links, Leuchte 2 für Türkontrollbeleuchtung vorn links
11. Taster für Fernentriegelung der Heckklappe, Taster für Tankdeckelentriegelung,	600
Tankdeckelentriegelung, Türsteuergerät Fahrerseite
12. Schalter für Alarmanlage aus, Taster für Deaktivierung der Innenraumüberwachung und	601
Fahrzeugneigung, Türsteuergerät Fahrerseite, Lampe für Ambientebeleuchtung Fahrerseite
Einstiegsleiste Fahrerseite, Zentralsteuergerät Fahrerseite	602
13. Türsteuergerät Fahrerseite, Steuergerät, Diagnose-Interface für Datenbus	603
14. Türsteuergerät hinten Fahrerseite, Türsteuergerät hinten Fahrerseite, Koppelstütze für Tür
hinten links, Leuchte 2 für Tür hinten rechts
078 - Beifahrertür , (LOL)	604-614
1. Beifahrertür , (LOL)	604
2. Steuergerät für Beifahrerseite, Steuergerät für Fahrerassistenzsysteme, Leuchte für	605
Ambientebeleuchtung der Einstiegsleiste Beifahrerseite
3. Steuergerät für Beifahrerseite, Türsteuergerät Beifahrerseite, Leuchte für	606
Türaußengriffbeleuchtung Beifahrerseite, Schließeinheit Beifahrerseite
4. Fensterhebermotor Beifahrerseite, Steuergerät für Beifahrerseite, Lampe für Türablagebeleuchtung	607
Beifahrerseite, Koppelstütze in der Tür vorn rechts, Fensterhebermotor Beifahrerseite, Motor für
Beifahrertür-Zuziehhilfe
5. Taster für Innenverriegelung Beifahrerseite, Bedienungseinheit für Memoryeinstellung	608
Beifahrerseite, Türsteuergerät Beifahrerseite, Leuchte für Türinnengriffbeleuchtung Beifahrerseite
6. Türsteuergerät Beifahrerseite, Türsteuergerät Beifahrerseite, Leuchte für	609
Türkontrollbeleuchtung Beifahrerseite, Leuchte für Türambientebeleuchtung Beifahrerseite,
Ausstiegswarnleuchte Beifahrerseite
7. Türsteuergerät Beifahrerseite, Leuchte für Türkontrollbeleuchtung Beifahrerseite, Leuchte für	610
Türkontrollbeleuchtung vorn rechts, Leuchte 2 für Türkontrollbeleuchtung vorn rechts, Einstiegsleiste
Beifahrerseite, Heizelement 2 für Türverkleidung vorn rechts
8. Türsteuergerät Beifahrerseite, Bedienungseinheit	611
9. Türsteuergerät Beifahrerseite, Diagnose-Interface für Datenbus, Außenspiegel Beifahrerseite	612
10. Türsteuergerät Beifahrerseite	613
11. Türsteuergerät Beifahrerseite	614
079 - Tür hinten links , (LOL)	615-625
1. Tür hinten links , (LOL)	615
2. Türsteuergerät hinten links, Koppelstütze für Tür hinten links, Leuchte 1 für	616
Ambientebeleuchtung der Einstiegsleiste hinten Fahrerseite
3. Türsteuergerät hinten Fahrerseite, Kontrollleuchte für Kindersicherung hinten Fahrerseite,	617
Schalter für Notentriegelung der Tür hinten Fahrerseite, Türsteuergerät hinten Fahrerseite,
Zentralschalter für Türen hinten Fahrerseite, Motor für Kindersicherung hinten Fahrerseite, Motor für
SAFE-Funktion der Zentralverriegelung hinten Fahrerseite, Motor für Zentralverriegelung hinten
Fahrerseite, Motor für Tür-Zuziehhilfe hinten Fahrerseite
4. Steuergerät für Fahrerseite, Leuchte für Türaußengriffbeleuchtung hinten Fahrerseite,	618
Türsteuergerät hinten Fahrerseite, Motor für Fensterheber hinten Fahrerseite, Motor für
Seitenrollo hinten Fahrerseite
5. Bedienungseinheit für Fensterheber-Fahrertür, Bedienungseinheit für Memoryeinstellung hinten	619
Fahrerseite, Türsteuergerät hinten Fahrerseite
6. Bedienungseinheit in der Tür hinten Fahrerseite, Türsteuergerät hinten Fahrerseite	620
7. Türsteuergerät hinten Fahrerseite, Leuchte für Türkontrollbeleuchtung hinten Fahrerseite,	621
Leuchte für Türkontrollbeleuchtung hinten links, Leuchte 2 für Türkontrollbeleuchtung hinten links,
Einstiegsleiste hinten Fahrerseite, Leuchte für Türambientebeleuchtung hinten Fahrerseite, Leuchte
2 für Türambientebeleuchtung hinten links
8. Türsteuergerät hinten Fahrerseite, Diagnose-Interface für Datenbus	622
9. Steuergerät für Türablagebeleuchtung hinten links, Leuchte 2 für Ambientebeleuchtung der Tür	623
hinten links, Leuchte für Türkontrollbeleuchtung, Leuchte 2 für Türablagebeleuchtung
hinten links
10. Türsteuergerät hinten Fahrerseite	624
11. Türsteuergerät hinten Fahrerseite, Bordnetzsteuergerät	625
080 - Tür hinten rechts , (LOL)	626-636
1. Tür hinten rechts , (LOL)	626
2. Türsteuergerät hinten rechts, Koppelstütze für Tür hinten rechts, Leuchte 1 für	627
Ambientebeleuchtung der Einstiegsleiste hinten Beifahrerseite
3. Türsteuergerät hinten Beifahrerseite, Kontrollleuchte für Kindersicherung hinten	628
Beifahrerseite, Schalter für Notentriegelung der Tür hinten Beifahrerseite, Türsteuergerät hinten
Beifahrerseite, Motor für SAFE-Funktion der Zentralverriegelung hinten Beifahrerseite, Motor für
Zentralverriegelung hinten Beifahrerseite, Motor für Tür-Zuziehhilfe hinten Beifahrerseite
4. Steuergerät für Beifahrerseite, Leuchte für Türaußengriffbeleuchtung hinten Beifahrerseite,	629
Türsteuergerät hinten Beifahrerseite, Motor für Fensterheber hinten Beifahrerseite, Motor für
Seitenrollo hinten Beifahrerseite
5. Bedienungseinheit in der Tür hinten Beifahrerseite, Bedienungseinheit für Memoryeinstellung	630
hinten Beifahrerseite, Türsteuergerät hinten Beifahrerseite
6. Bedienungseinheit in der Tür hinten Beifahrerseite, Türsteuergerät hinten Beifahrerseite	631
7. Türsteuergerät hinten Beifahrerseite, Leuchte für Türkontrollbeleuchtung hinten Beifahrerseite,	632
Leuchte 2 für Türkontrollbeleuchtung hinten rechts, Leuchte für Türambientebeleuchtung hinten
rechts, Einstiegsleuchte hinten Beifahrerseite, Leuchte 2 für Türambientebeleuchtung hinten
Beifahrerseite, Leuchte 2 für Türambientebeleuchtung hinten rechts
8. Türinnengriffleuchte hinten Beifahrerseite, Leuchte für Türinnengriffbeleuchtung, Leuchte 1 für	633
Ambientebeleuchtung der Tür hinten rechts, Leuchte 2 für Ambientebeleuchtung der Tür hinten
rechts
9. Steuergerät für Türablagebeleuchtung hinten rechts, Leuchte 2 für Ambientebeleuchtung der Tür	634
hinten rechts, Leuchte 2 für Türkontrollbeleuchtung hinten rechts
10. Türsteuergerät hinten Beifahrerseite	635
11. Türsteuergerät hinten Beifahrerseite, Bordnetzsteuergerät	636
081 - Dynamische Wankstabilisierung , (2MG)	637-642
